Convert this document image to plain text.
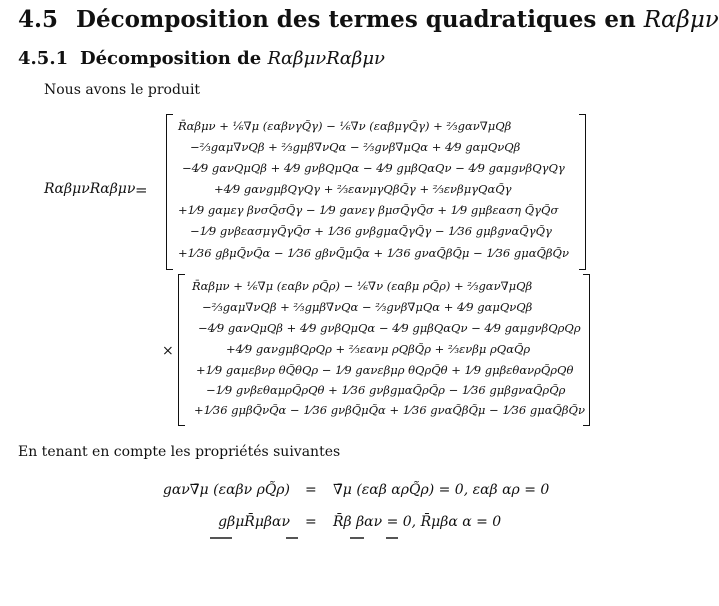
4.5 Décomposition des termes quadratiques en Rαβμν
4.5.1 Décomposition de RαβμνRαβμν
Nous avons le produit
RαβμνRαβμν =
×
R̄αβμν + ⅙∇̄μ (εαβνγQ̃γ) − ⅙∇̄ν (εαβμγQ̃γ) + ⅔gαν∇̄μQβ
−⅔gαμ∇̄νQβ + ⅔gμβ∇̄νQα − ⅔gνβ∇̄μQα + 4⁄9 gαμQνQβ
−4⁄9 gανQμQβ + 4⁄9 gνβQμQα − 4⁄9 gμβQαQν − 4⁄9 gαμgνβQγQγ
+4⁄9 gανgμβQγQγ + ⅔εανμγQβQ̃γ + ⅔ενβμγQαQ̃γ
+1⁄9 gαμεγ βνσQ̃σQ̃γ − 1⁄9 gανεγ βμσQ̃γQ̃σ + 1⁄9 gμβεαση Q̃γQ̃σ
−1⁄9 gνβεασμγQ̃γQ̃σ + 1⁄36 gνβgμαQ̃γQ̃γ − 1⁄36 gμβgναQ̃γQ̃γ
+1⁄36 gβμQ̃νQ̃α − 1⁄36 gβνQ̃μQ̃α + 1⁄36 gναQ̃βQ̃μ − 1⁄36 gμαQ̃βQ̃ν
R̄αβμν + ⅙∇̄μ (εαβν ρQ̃ρ) − ⅙∇̄ν (εαβμ ρQ̃ρ) + ⅔gαν∇̄μQβ
−⅔gαμ∇̄νQβ + ⅔gμβ∇̄νQα − ⅔gνβ∇̄μQα + 4⁄9 gαμQνQβ
−4⁄9 gανQμQβ + 4⁄9 gνβQμQα − 4⁄9 gμβQαQν − 4⁄9 gαμgνβQρQρ
+4⁄9 gανgμβQρQρ + ⅔εανμ ρQβQ̃ρ + ⅔ενβμ ρQαQ̃ρ
+1⁄9 gαμεβνρ θQ̃θQρ − 1⁄9 gανεβμρ θQρQ̃θ + 1⁄9 gμβεθανρQ̃ρQθ
−1⁄9 gνβεθαμρQ̃ρQθ + 1⁄36 gνβgμαQ̃ρQ̃ρ − 1⁄36 gμβgναQ̃ρQ̃ρ
+1⁄36 gμβQ̃νQ̃α − 1⁄36 gνβQ̃μQ̃α + 1⁄36 gναQ̃βQ̃μ − 1⁄36 gμαQ̃βQ̃ν
En tenant en compte les propriétés suivantes
gαν∇̄μ (εαβν ρQ̃ρ) = ∇̄μ (εαβ αρQ̃ρ) = 0, εαβ αρ = 0
gβμR̄μβαν = R̄β βαν = 0, R̄μβα α = 0
